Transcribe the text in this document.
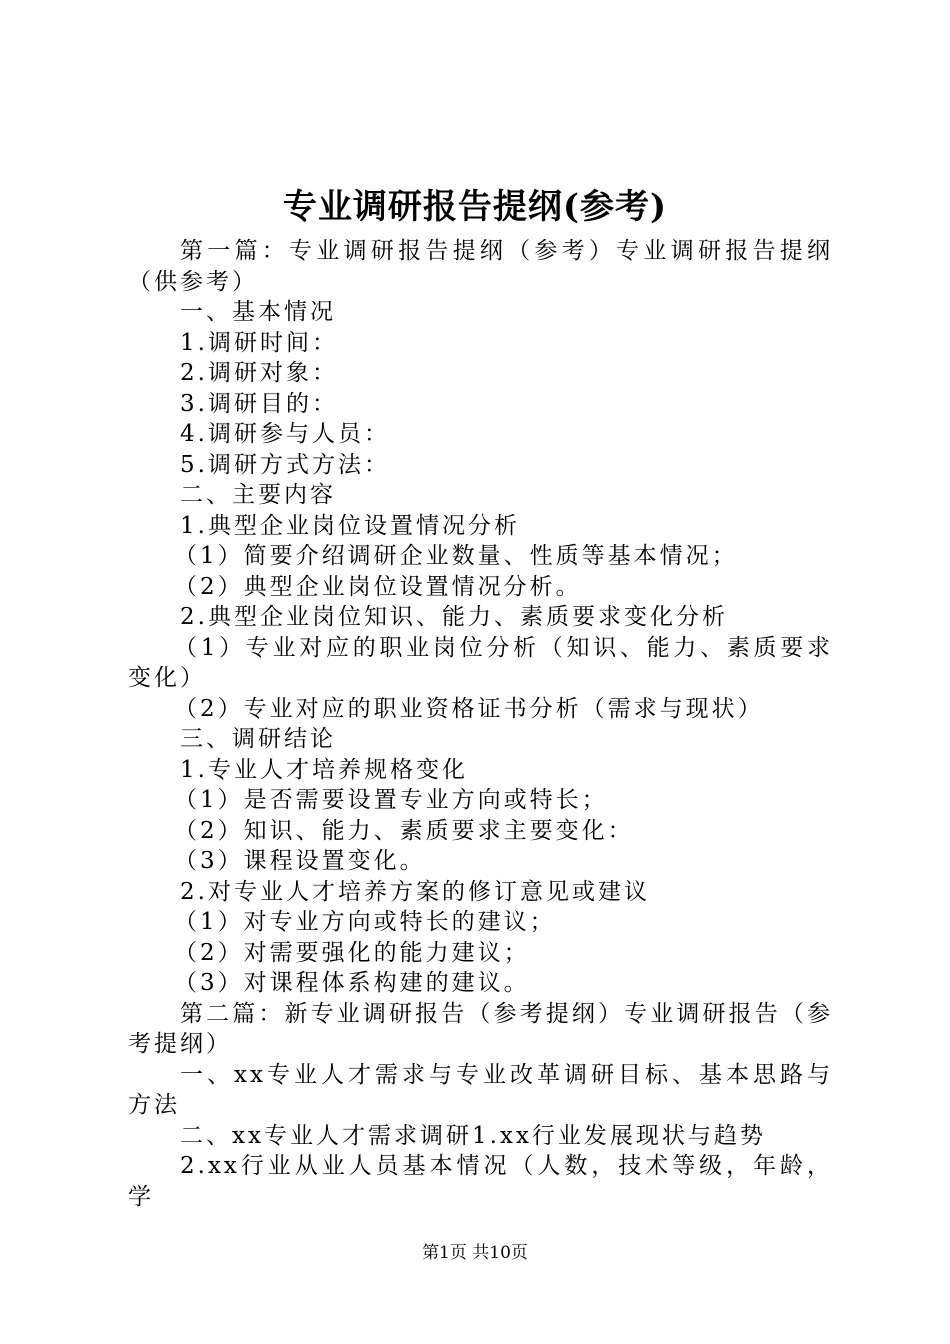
专业调研报告提纲(参考)

第一篇：专业调研报告提纲（参考）专业调研报告提纲（供参考）

一、基本情况

1.调研时间：

2.调研对象：

3.调研目的：

4.调研参与人员：

5.调研方式方法：

二、主要内容

1.典型企业岗位设置情况分析

（1）简要介绍调研企业数量、性质等基本情况；

（2）典型企业岗位设置情况分析。

2.典型企业岗位知识、能力、素质要求变化分析

（1）专业对应的职业岗位分析（知识、能力、素质要求变化）

（2）专业对应的职业资格证书分析（需求与现状）

三、调研结论

1.专业人才培养规格变化

（1）是否需要设置专业方向或特长；

（2）知识、能力、素质要求主要变化：

（3）课程设置变化。

2.对专业人才培养方案的修订意见或建议

（1）对专业方向或特长的建议；

（2）对需要强化的能力建议；

（3）对课程体系构建的建议。

第二篇：新专业调研报告（参考提纲）专业调研报告（参考提纲）

一、xx专业人才需求与专业改革调研目标、基本思路与方法

二、xx专业人才需求调研1.xx行业发展现状与趋势

2.xx行业从业人员基本情况（人数，技术等级，年龄，学

第1页 共10页
